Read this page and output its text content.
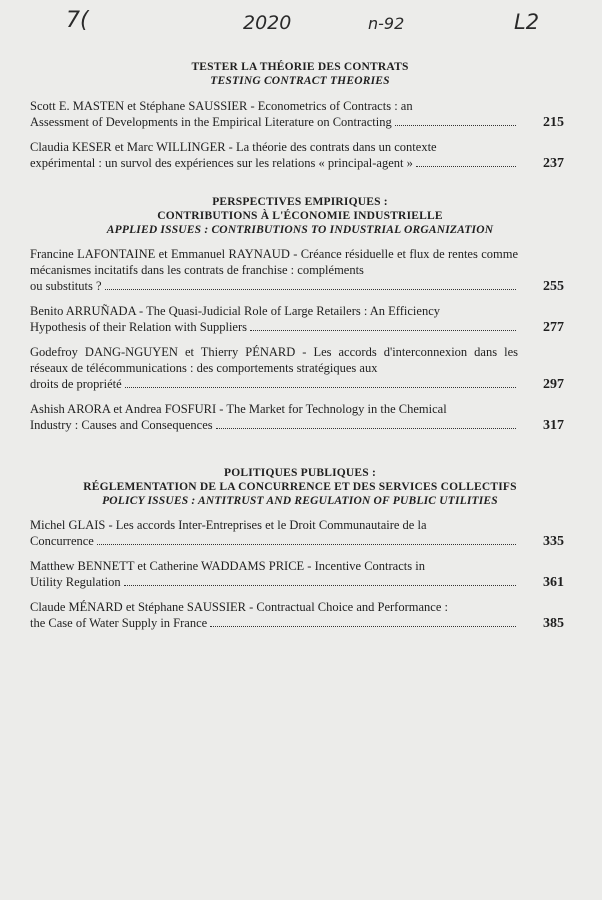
7(	2020	n-92	L2
TESTER LA THÉORIE DES CONTRATS
TESTING CONTRACT THEORIES
Scott E. MASTEN et Stéphane SAUSSIER - Econometrics of Contracts : an
Assessment of Developments in the Empirical Literature on Contracting	215
Claudia KESER et Marc WILLINGER - La théorie des contrats dans un contexte
expérimental : un survol des expériences sur les relations « principal-agent »	237
PERSPECTIVES EMPIRIQUES :
CONTRIBUTIONS À L'ÉCONOMIE INDUSTRIELLE
APPLIED ISSUES : CONTRIBUTIONS TO INDUSTRIAL ORGANIZATION
Francine LAFONTAINE et Emmanuel RAYNAUD - Créance résiduelle et flux de rentes comme mécanismes incitatifs dans les contrats de franchise : compléments
ou substituts ?	255
Benito ARRUÑADA - The Quasi-Judicial Role of Large Retailers : An Efficiency
Hypothesis of their Relation with Suppliers	277
Godefroy DANG-NGUYEN et Thierry PÉNARD - Les accords d'interconnexion dans les réseaux de télécommunications : des comportements stratégiques aux
droits de propriété	297
Ashish ARORA et Andrea FOSFURI - The Market for Technology in the Chemical
Industry : Causes and Consequences	317
POLITIQUES PUBLIQUES :
RÉGLEMENTATION DE LA CONCURRENCE ET DES SERVICES COLLECTIFS
POLICY ISSUES : ANTITRUST AND REGULATION OF PUBLIC UTILITIES
Michel GLAIS - Les accords Inter-Entreprises et le Droit Communautaire de la
Concurrence	335
Matthew BENNETT et Catherine WADDAMS PRICE - Incentive Contracts in
Utility Regulation	361
Claude MÉNARD et Stéphane SAUSSIER - Contractual Choice and Performance :
the Case of Water Supply in France	385
